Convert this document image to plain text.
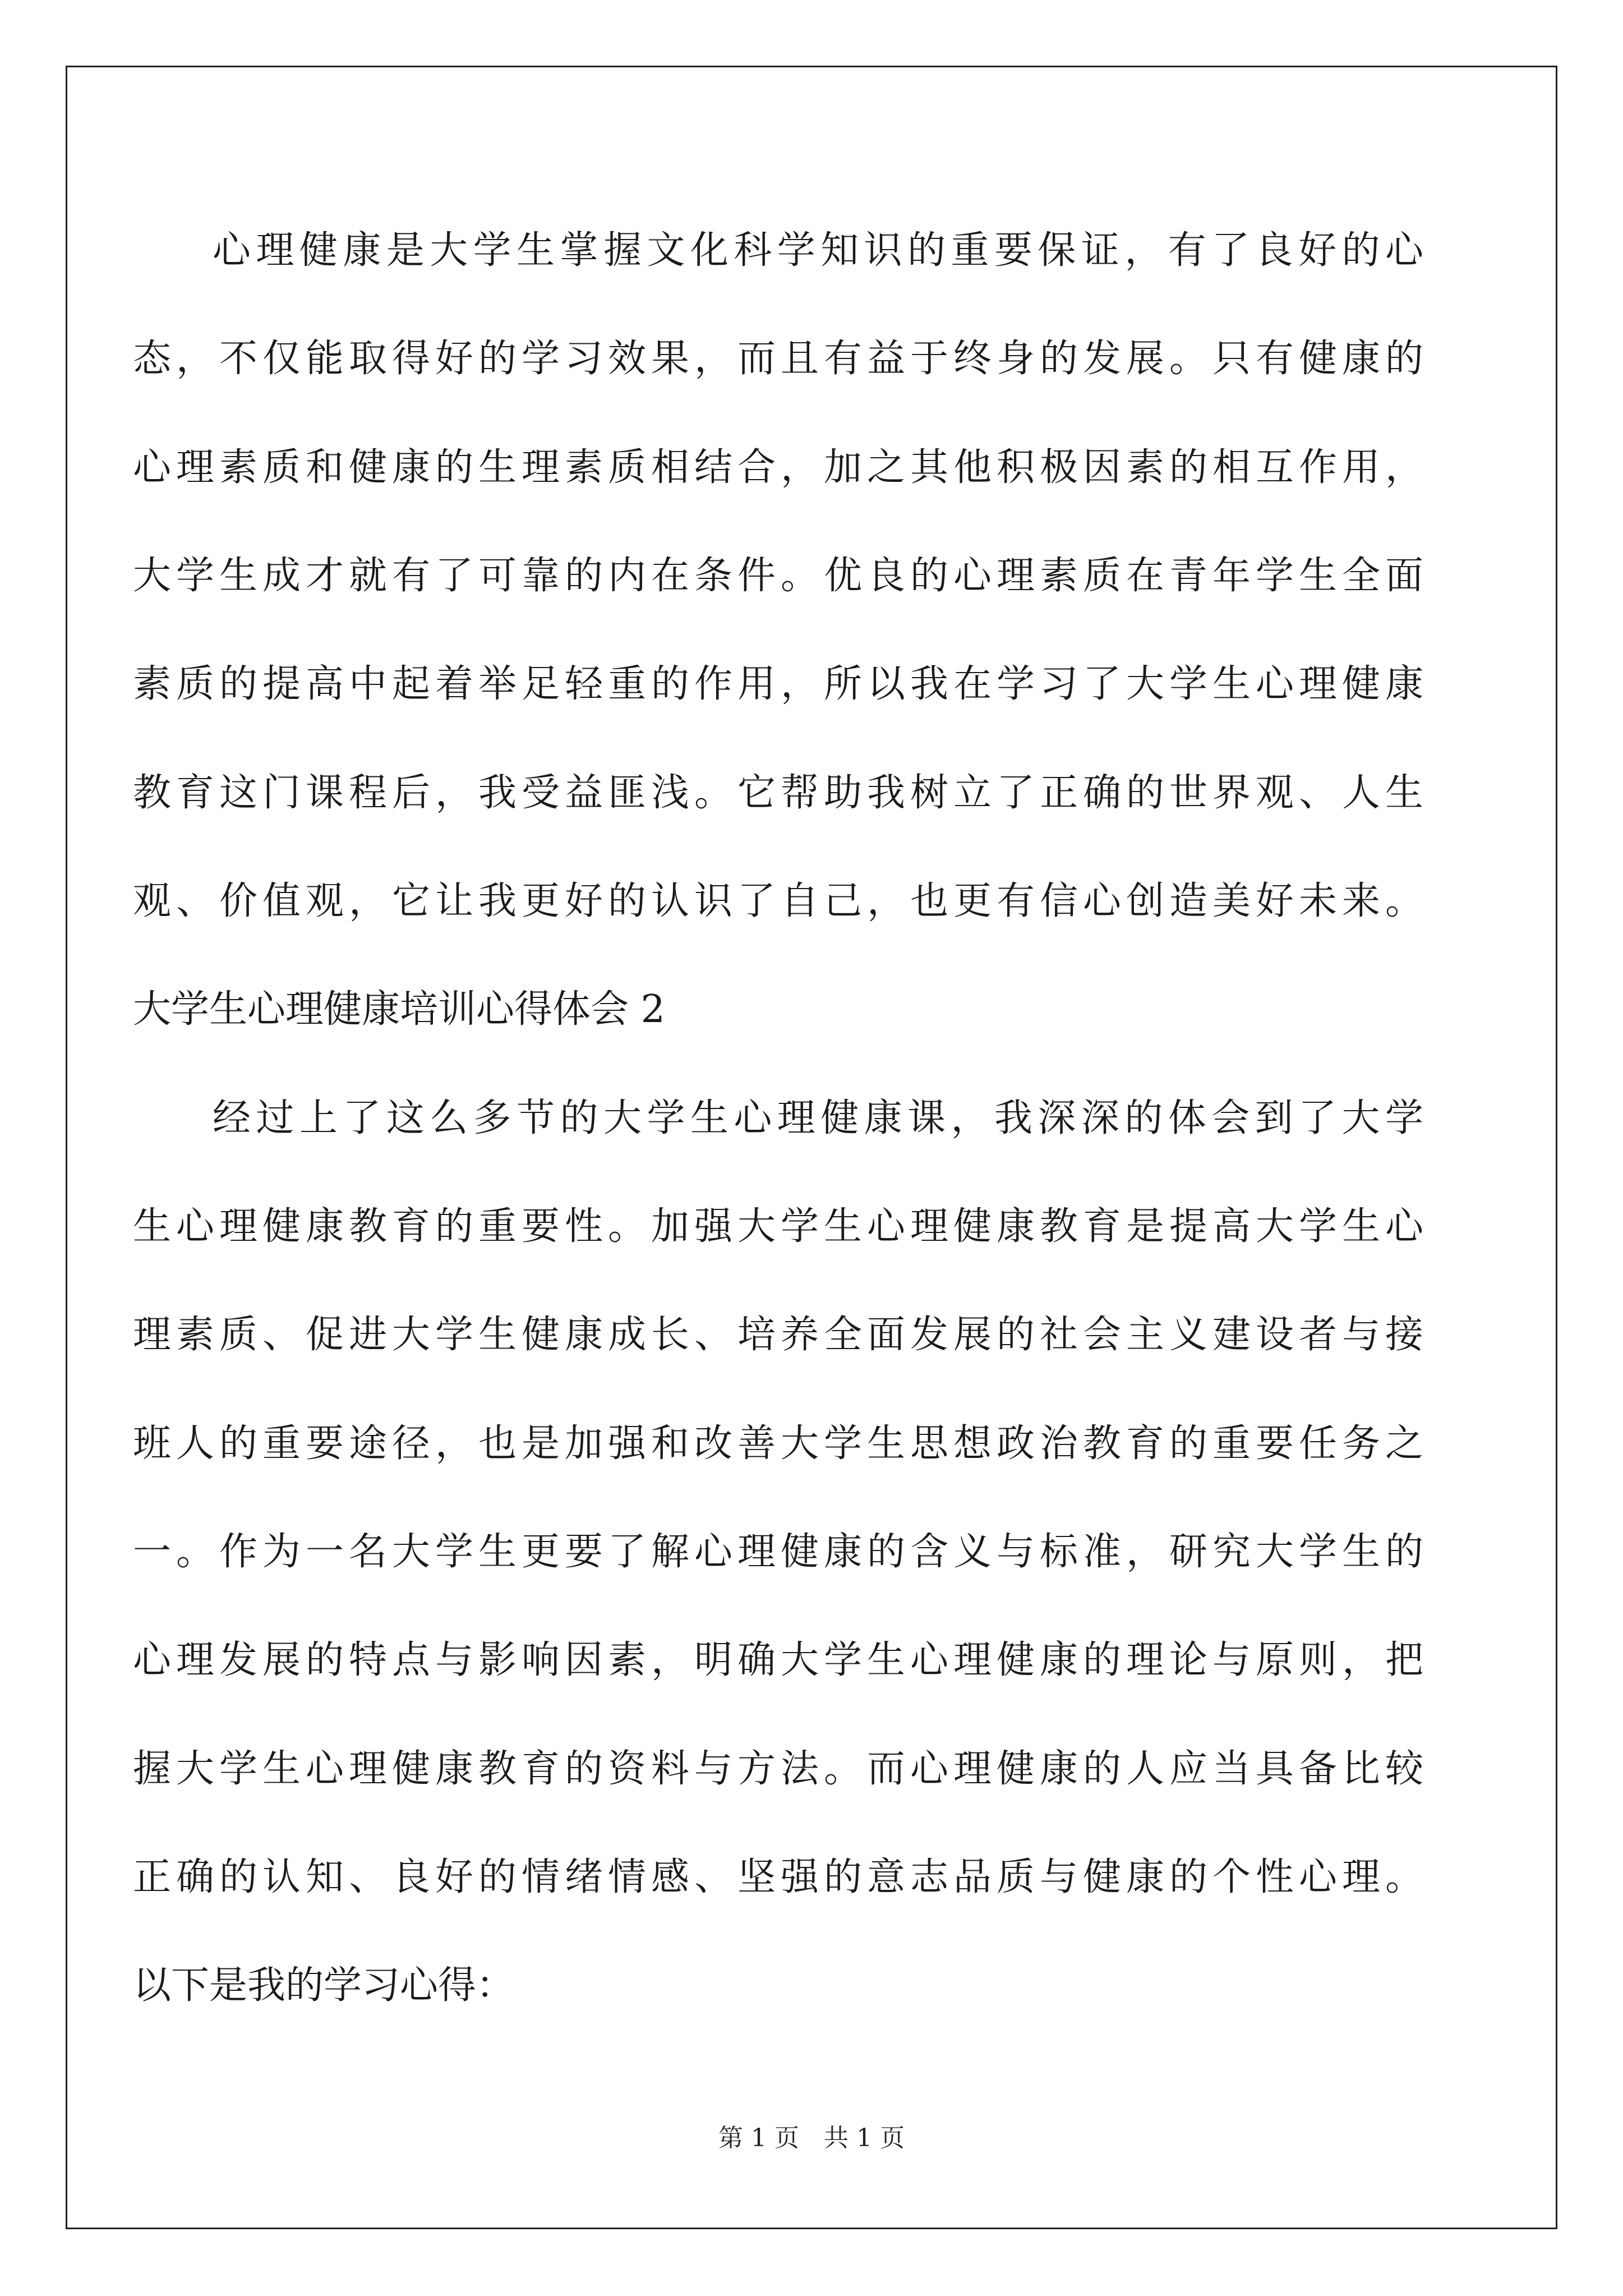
心理健康是大学生掌握文化科学知识的重要保证，有了良好的心
态，不仅能取得好的学习效果，而且有益于终身的发展。只有健康的
心理素质和健康的生理素质相结合，加之其他积极因素的相互作用，
大学生成才就有了可靠的内在条件。优良的心理素质在青年学生全面
素质的提高中起着举足轻重的作用，所以我在学习了大学生心理健康
教育这门课程后，我受益匪浅。它帮助我树立了正确的世界观、人生
观、价值观，它让我更好的认识了自己，也更有信心创造美好未来。
大学生心理健康培训心得体会 2
经过上了这么多节的大学生心理健康课，我深深的体会到了大学
生心理健康教育的重要性。加强大学生心理健康教育是提高大学生心
理素质、促进大学生健康成长、培养全面发展的社会主义建设者与接
班人的重要途径，也是加强和改善大学生思想政治教育的重要任务之
一。作为一名大学生更要了解心理健康的含义与标准，研究大学生的
心理发展的特点与影响因素，明确大学生心理健康的理论与原则，把
握大学生心理健康教育的资料与方法。而心理健康的人应当具备比较
正确的认知、良好的情绪情感、坚强的意志品质与健康的个性心理。
以下是我的学习心得：
第 1 页　共 1 页
